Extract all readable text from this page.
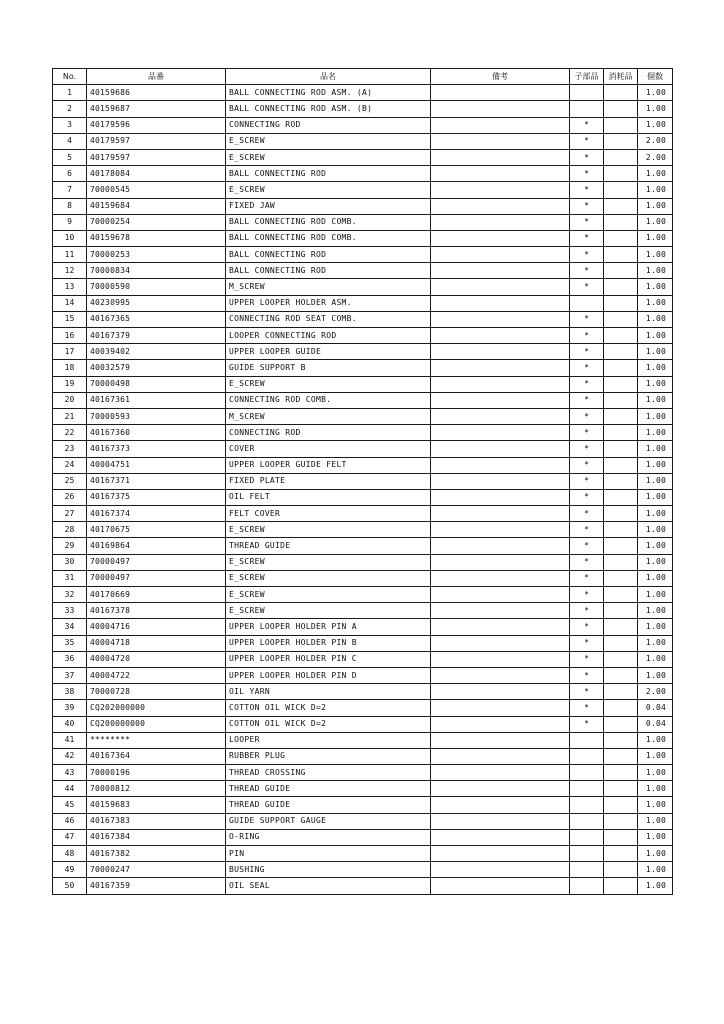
No.	品番	品名	備考	子部品	消耗品	個数
1	40159686	BALL CONNECTING ROD ASM. (A)				1.00
2	40159687	BALL CONNECTING ROD ASM. (B)				1.00
3	40179596	CONNECTING ROD		*		1.00
4	40179597	E_SCREW		*		2.00
5	40179597	E_SCREW		*		2.00
6	40178084	BALL CONNECTING ROD		*		1.00
7	70000545	E_SCREW		*		1.00
8	40159684	FIXED JAW		*		1.00
9	70000254	BALL CONNECTING ROD COMB.		*		1.00
10	40159678	BALL CONNECTING ROD COMB.		*		1.00
11	70000253	BALL CONNECTING ROD		*		1.00
12	70000834	BALL CONNECTING ROD		*		1.00
13	70000590	M_SCREW		*		1.00
14	40230995	UPPER LOOPER HOLDER ASM.				1.00
15	40167365	CONNECTING ROD SEAT COMB.		*		1.00
16	40167379	LOOPER CONNECTING ROD		*		1.00
17	40039402	UPPER LOOPER GUIDE		*		1.00
18	40032579	GUIDE SUPPORT B		*		1.00
19	70000498	E_SCREW		*		1.00
20	40167361	CONNECTING ROD COMB.		*		1.00
21	70000593	M_SCREW		*		1.00
22	40167360	CONNECTING ROD		*		1.00
23	40167373	COVER		*		1.00
24	40004751	UPPER LOOPER GUIDE FELT		*		1.00
25	40167371	FIXED PLATE		*		1.00
26	40167375	OIL FELT		*		1.00
27	40167374	FELT COVER		*		1.00
28	40170675	E_SCREW		*		1.00
29	40169864	THREAD GUIDE		*		1.00
30	70000497	E_SCREW		*		1.00
31	70000497	E_SCREW		*		1.00
32	40170669	E_SCREW		*		1.00
33	40167378	E_SCREW		*		1.00
34	40004716	UPPER LOOPER HOLDER PIN A		*		1.00
35	40004718	UPPER LOOPER HOLDER PIN B		*		1.00
36	40004720	UPPER LOOPER HOLDER PIN C		*		1.00
37	40004722	UPPER LOOPER HOLDER PIN D		*		1.00
38	70000728	OIL YARN		*		2.00
39	CQ202000000	COTTON OIL WICK D=2		*		0.04
40	CQ200000000	COTTON OIL WICK D=2		*		0.04
41	********	LOOPER				1.00
42	40167364	RUBBER PLUG				1.00
43	70000196	THREAD CROSSING				1.00
44	70000812	THREAD GUIDE				1.00
45	40159683	THREAD GUIDE				1.00
46	40167383	GUIDE SUPPORT GAUGE				1.00
47	40167384	O-RING				1.00
48	40167382	PIN				1.00
49	70000247	BUSHING				1.00
50	40167359	OIL SEAL				1.00
